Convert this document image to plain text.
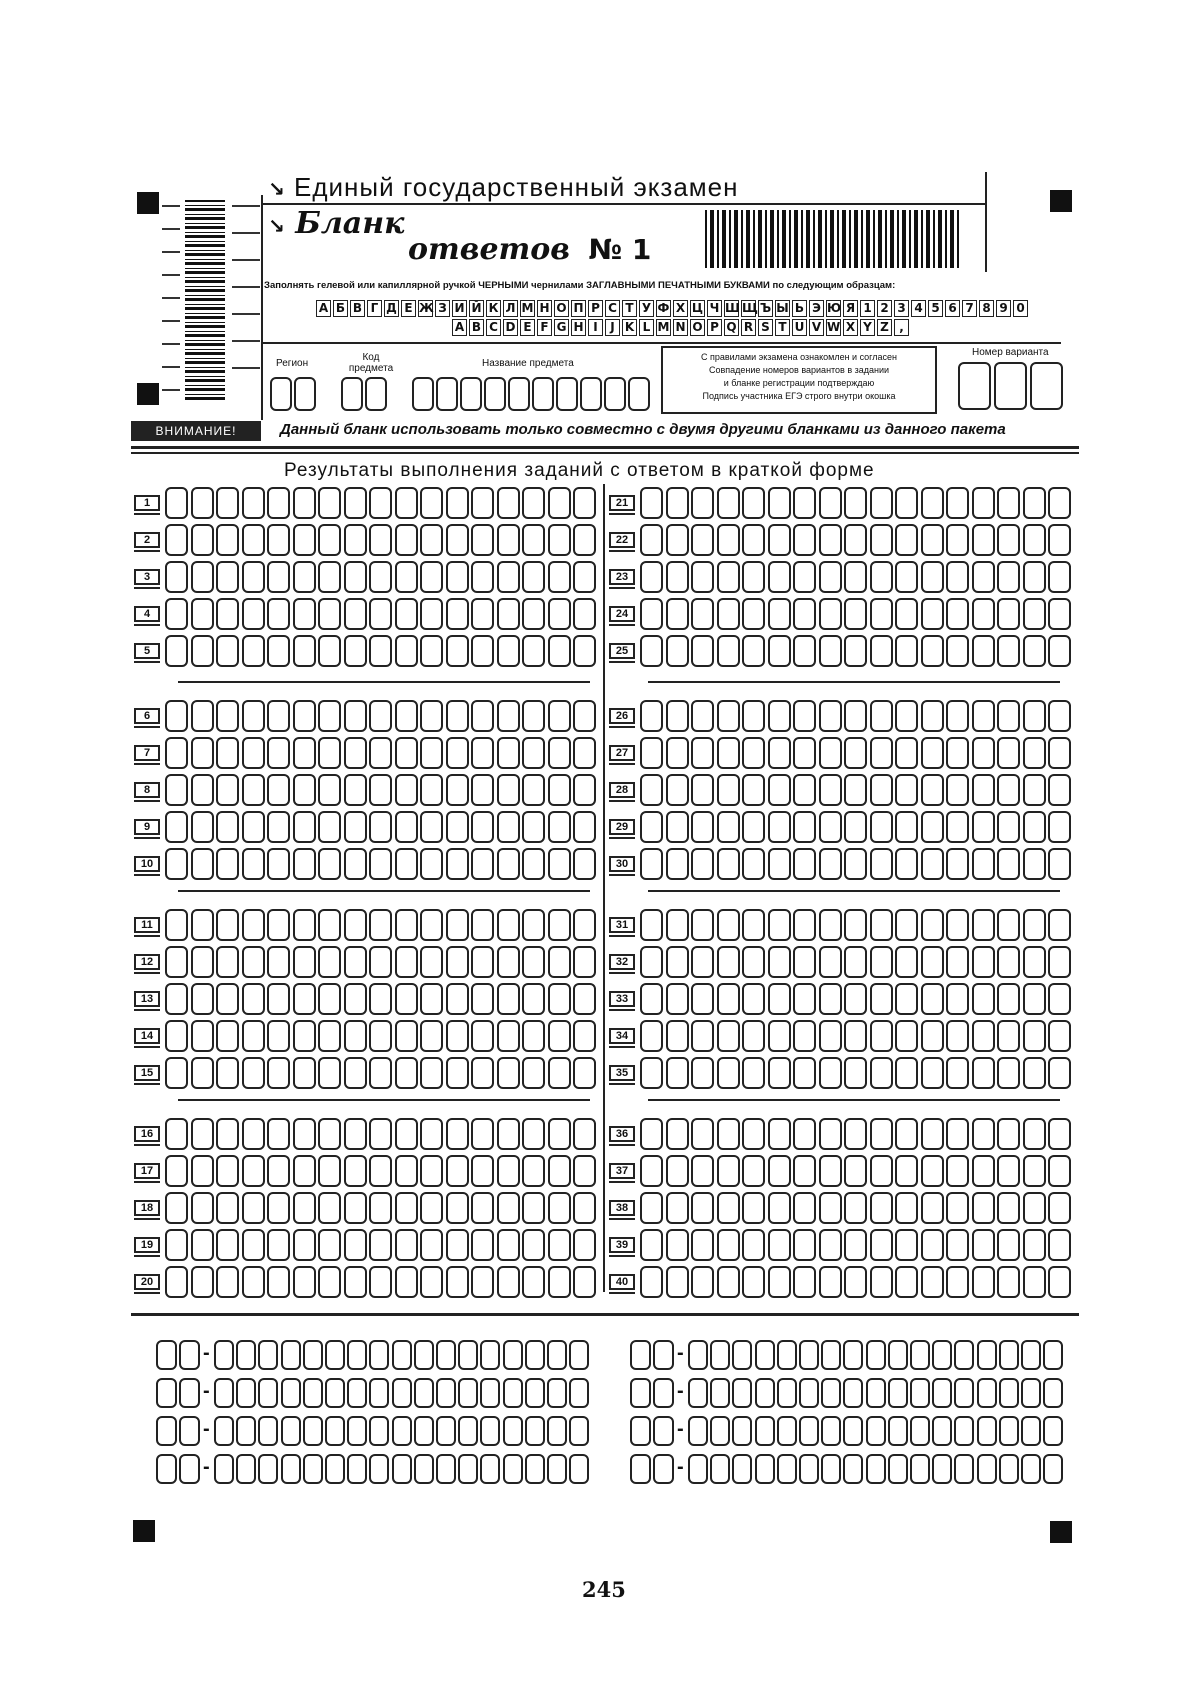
↘ Единый государственный экзамен
↘ Бланк
ответов № 1
Заполнять гелевой или капиллярной ручкой ЧЕРНЫМИ чернилами ЗАГЛАВНЫМИ ПЕЧАТНЫМИ БУКВАМИ по следующим образцам:
А Б В Г Д Е Ж З И Й К Л М Н О П Р С Т У Ф Х Ц Ч Ш Щ Ъ Ы Ь Э Ю Я 1 2 3 4 5 6 7 8 9 0
A B C D E F G H I J K L M N O P Q R S T U V W X Y Z ,
Регион
Код предмета	Название предмета
Номер варианта
С правилами экзамена ознакомлен и согласен
Совпадение номеров вариантов в задании
и бланке регистрации подтверждаю
Подпись участника ЕГЭ строго внутри окошка
ВНИМАНИЕ!	Данный бланк использовать только совместно с двумя другими бланками из данного пакета
Результаты выполнения заданий с ответом в краткой форме
1	21
2	22
3	23
4	24
5	25
6	26
7	27
8	28
9	29
10	30
11	31
12	32
13	33
14	34
15	35
16	36
17	37
18	38
19	39
20	40
-	-
-	-
-	-
-	-
245
